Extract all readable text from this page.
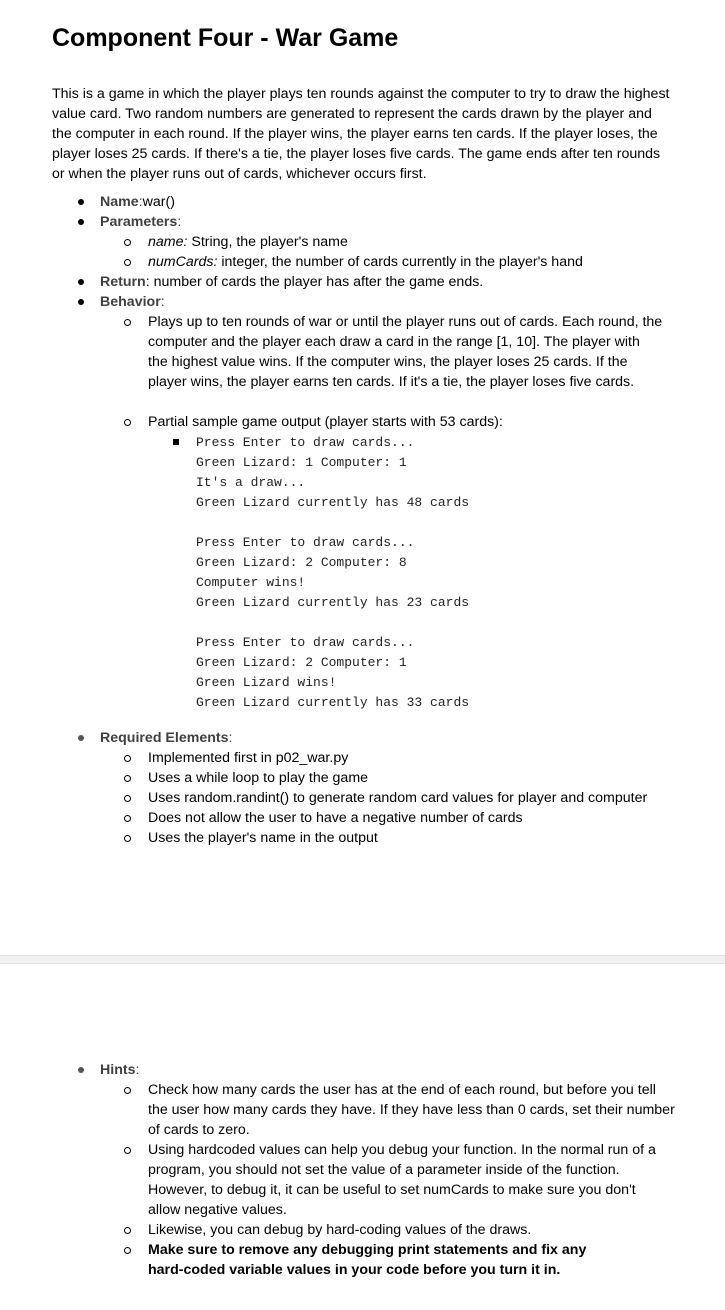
Component Four - War Game

This is a game in which the player plays ten rounds against the computer to try to draw the highest value card. Two random numbers are generated to represent the cards drawn by the player and the computer in each round. If the player wins, the player earns ten cards. If the player loses, the player loses 25 cards. If there's a tie, the player loses five cards. The game ends after ten rounds or when the player runs out of cards, whichever occurs first.

Name:war()
Parameters:
name: String, the player's name
numCards: integer, the number of cards currently in the player's hand
Return: number of cards the player has after the game ends.
Behavior:
Plays up to ten rounds of war or until the player runs out of cards. Each round, the computer and the player each draw a card in the range [1, 10]. The player with the highest value wins. If the computer wins, the player loses 25 cards. If the player wins, the player earns ten cards. If it's a tie, the player loses five cards.
Partial sample game output (player starts with 53 cards):
Press Enter to draw cards...
Green Lizard: 1 Computer: 1
It's a draw...
Green Lizard currently has 48 cards
Press Enter to draw cards...
Green Lizard: 2 Computer: 8
Computer wins!
Green Lizard currently has 23 cards
Press Enter to draw cards...
Green Lizard: 2 Computer: 1
Green Lizard wins!
Green Lizard currently has 33 cards
Required Elements:
Implemented first in p02_war.py
Uses a while loop to play the game
Uses random.randint() to generate random card values for player and computer
Does not allow the user to have a negative number of cards
Uses the player's name in the output
Hints:
Check how many cards the user has at the end of each round, but before you tell the user how many cards they have. If they have less than 0 cards, set their number of cards to zero.
Using hardcoded values can help you debug your function. In the normal run of a program, you should not set the value of a parameter inside of the function. However, to debug it, it can be useful to set numCards to make sure you don't allow negative values.
Likewise, you can debug by hard-coding values of the draws.
Make sure to remove any debugging print statements and fix any hard-coded variable values in your code before you turn it in.
